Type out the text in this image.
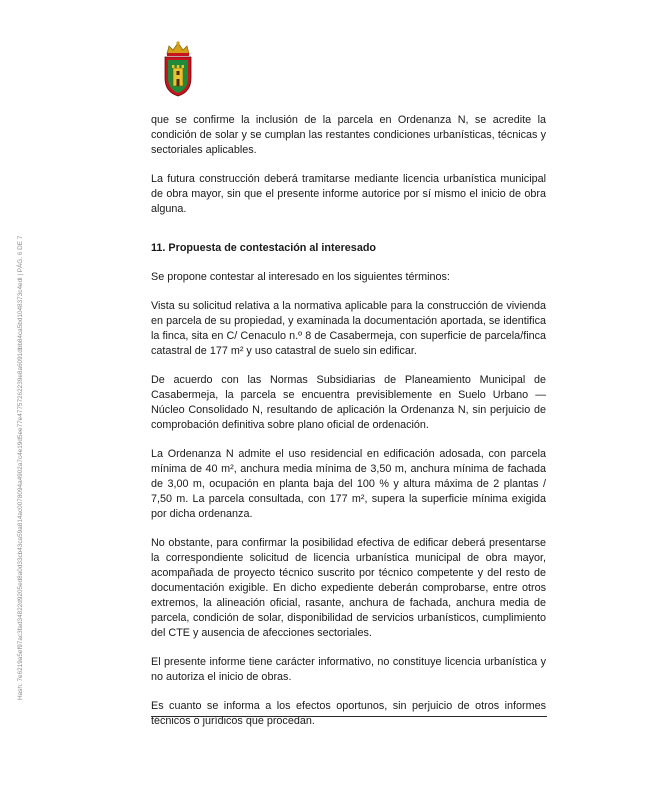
Hash: 7e6219a5ef97ac3fad34822d9205ed8a0d33cb43ca59a814ac0078094a4902a7c4e19d5ee77e47757262239e8a6091dbb84ca5bd1048373c4edl | PÁG. 6 DE 7

que se confirme la inclusión de la parcela en Ordenanza N, se acredite la condición de solar y se cumplan las restantes condiciones urbanísticas, técnicas y sectoriales aplicables.

La futura construcción deberá tramitarse mediante licencia urbanística municipal de obra mayor, sin que el presente informe autorice por sí mismo el inicio de obra alguna.

11. Propuesta de contestación al interesado

Se propone contestar al interesado en los siguientes términos:

Vista su solicitud relativa a la normativa aplicable para la construcción de vivienda en parcela de su propiedad, y examinada la documentación aportada, se identifica la finca, sita en C/ Cenaculo n.º 8 de Casabermeja, con superficie de parcela/finca catastral de 177 m² y uso catastral de suelo sin edificar.

De acuerdo con las Normas Subsidiarias de Planeamiento Municipal de Casabermeja, la parcela se encuentra previsiblemente en Suelo Urbano — Núcleo Consolidado N, resultando de aplicación la Ordenanza N, sin perjuicio de comprobación definitiva sobre plano oficial de ordenación.

La Ordenanza N admite el uso residencial en edificación adosada, con parcela mínima de 40 m², anchura media mínima de 3,50 m, anchura mínima de fachada de 3,00 m, ocupación en planta baja del 100 % y altura máxima de 2 plantas / 7,50 m. La parcela consultada, con 177 m², supera la superficie mínima exigida por dicha ordenanza.

No obstante, para confirmar la posibilidad efectiva de edificar deberá presentarse la correspondiente solicitud de licencia urbanística municipal de obra mayor, acompañada de proyecto técnico suscrito por técnico competente y del resto de documentación exigible. En dicho expediente deberán comprobarse, entre otros extremos, la alineación oficial, rasante, anchura de fachada, anchura media de parcela, condición de solar, disponibilidad de servicios urbanísticos, cumplimiento del CTE y ausencia de afecciones sectoriales.

El presente informe tiene carácter informativo, no constituye licencia urbanística y no autoriza el inicio de obras.

Es cuanto se informa a los efectos oportunos, sin perjuicio de otros informes técnicos o jurídicos que procedan.
